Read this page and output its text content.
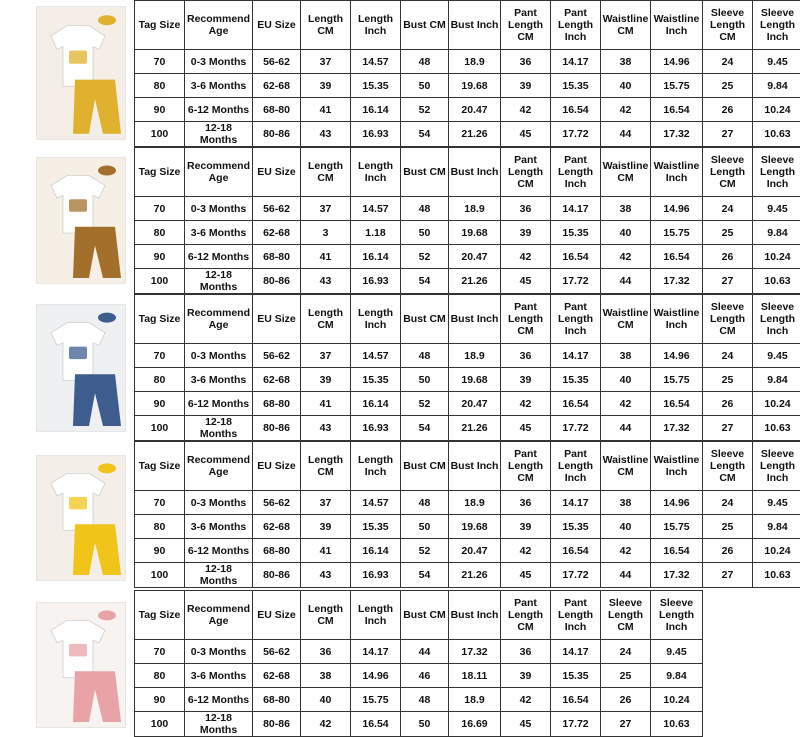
Tag Size	Recommend Age	EU Size	Length CM	Length Inch	Bust CM	Bust Inch	Pant Length CM	Pant Length Inch	Waistline CM	Waistline Inch	Sleeve Length CM	Sleeve Length Inch
70	0-3 Months	56-62	37	14.57	48	18.9	36	14.17	38	14.96	24	9.45
80	3-6 Months	62-68	39	15.35	50	19.68	39	15.35	40	15.75	25	9.84
90	6-12 Months	68-80	41	16.14	52	20.47	42	16.54	42	16.54	26	10.24
100	12-18 Months	80-86	43	16.93	54	21.26	45	17.72	44	17.32	27	10.63
Tag Size	Recommend Age	EU Size	Length CM	Length Inch	Bust CM	Bust Inch	Pant Length CM	Pant Length Inch	Waistline CM	Waistline Inch	Sleeve Length CM	Sleeve Length Inch
70	0-3 Months	56-62	37	14.57	48	18.9	36	14.17	38	14.96	24	9.45
80	3-6 Months	62-68	3	1.18	50	19.68	39	15.35	40	15.75	25	9.84
90	6-12 Months	68-80	41	16.14	52	20.47	42	16.54	42	16.54	26	10.24
100	12-18 Months	80-86	43	16.93	54	21.26	45	17.72	44	17.32	27	10.63
Tag Size	Recommend Age	EU Size	Length CM	Length Inch	Bust CM	Bust Inch	Pant Length CM	Pant Length Inch	Waistline CM	Waistline Inch	Sleeve Length CM	Sleeve Length Inch
70	0-3 Months	56-62	37	14.57	48	18.9	36	14.17	38	14.96	24	9.45
80	3-6 Months	62-68	39	15.35	50	19.68	39	15.35	40	15.75	25	9.84
90	6-12 Months	68-80	41	16.14	52	20.47	42	16.54	42	16.54	26	10.24
100	12-18 Months	80-86	43	16.93	54	21.26	45	17.72	44	17.32	27	10.63
Tag Size	Recommend Age	EU Size	Length CM	Length Inch	Bust CM	Bust Inch	Pant Length CM	Pant Length Inch	Waistline CM	Waistline Inch	Sleeve Length CM	Sleeve Length Inch
70	0-3 Months	56-62	37	14.57	48	18.9	36	14.17	38	14.96	24	9.45
80	3-6 Months	62-68	39	15.35	50	19.68	39	15.35	40	15.75	25	9.84
90	6-12 Months	68-80	41	16.14	52	20.47	42	16.54	42	16.54	26	10.24
100	12-18 Months	80-86	43	16.93	54	21.26	45	17.72	44	17.32	27	10.63
Tag Size	Recommend Age	EU Size	Length CM	Length Inch	Bust CM	Bust Inch	Pant Length CM	Pant Length Inch	Sleeve Length CM	Sleeve Length Inch
70	0-3 Months	56-62	36	14.17	44	17.32	36	14.17	24	9.45
80	3-6 Months	62-68	38	14.96	46	18.11	39	15.35	25	9.84
90	6-12 Months	68-80	40	15.75	48	18.9	42	16.54	26	10.24
100	12-18 Months	80-86	42	16.54	50	16.69	45	17.72	27	10.63
